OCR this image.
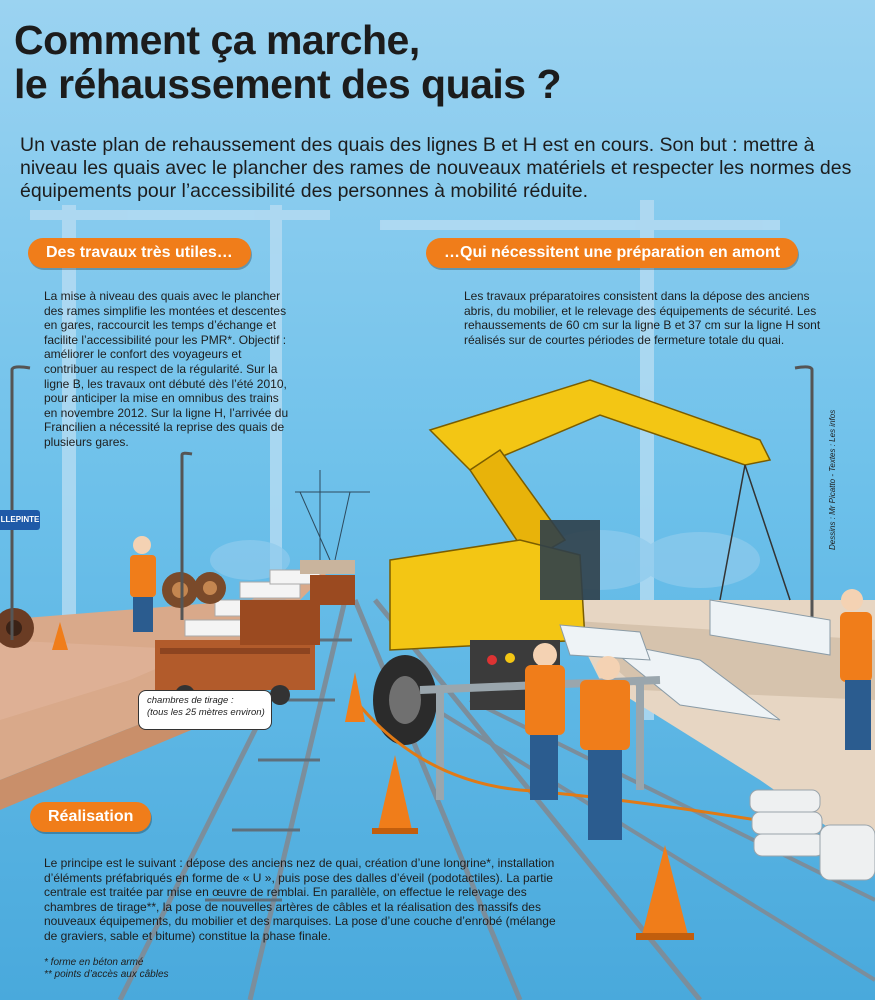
Comment ça marche,
le réhaussement des quais ?

Un vaste plan de rehaussement des quais des lignes B et H est en cours. Son but : mettre à niveau les quais avec le plancher des rames de nouveaux matériels et respecter les normes des équipements pour l’accessibilité des personnes à mobilité réduite.

Des travaux très utiles…

La mise à niveau des quais avec le plancher des rames simplifie les montées et descentes en gares, raccourcit les temps d’échange et facilite l’accessibilité pour les PMR*. Objectif : améliorer le confort des voyageurs et contribuer au respect de la régularité. Sur la ligne B, les travaux ont débuté dès l’été 2010, pour anticiper la mise en omnibus des trains en novembre 2012. Sur la ligne H, l’arrivée du Francilien a nécessité la reprise des quais de plusieurs gares.

…Qui nécessitent une préparation en amont

Les travaux préparatoires consistent dans la dépose des anciens abris, du mobilier, et le relevage des équipements de sécurité. Les rehaussements de 60 cm sur la ligne B et 37 cm sur la ligne H sont réalisés sur de courtes périodes de fermeture totale du quai.

chambres de tirage :
(tous les 25 mètres environ)
LLEPINTE	Dessins : Mr Picatto - Textes : Les infos
Réalisation

Le principe est le suivant : dépose des anciens nez de quai, création d’une longrine*, installation d’éléments préfabriqués en forme de « U », puis pose des dalles d’éveil (podotactiles). La partie centrale est traitée par mise en œuvre de remblai. En parallèle, on effectue le relevage des chambres de tirage**, la pose de nouvelles artères de câbles et la réalisation des massifs des nouveaux équipements, du mobilier et des marquises. La pose d’une couche d’enrobé (mélange de graviers, sable et bitume) constitue la phase finale.

* forme en béton armé

** points d’accès aux câbles
